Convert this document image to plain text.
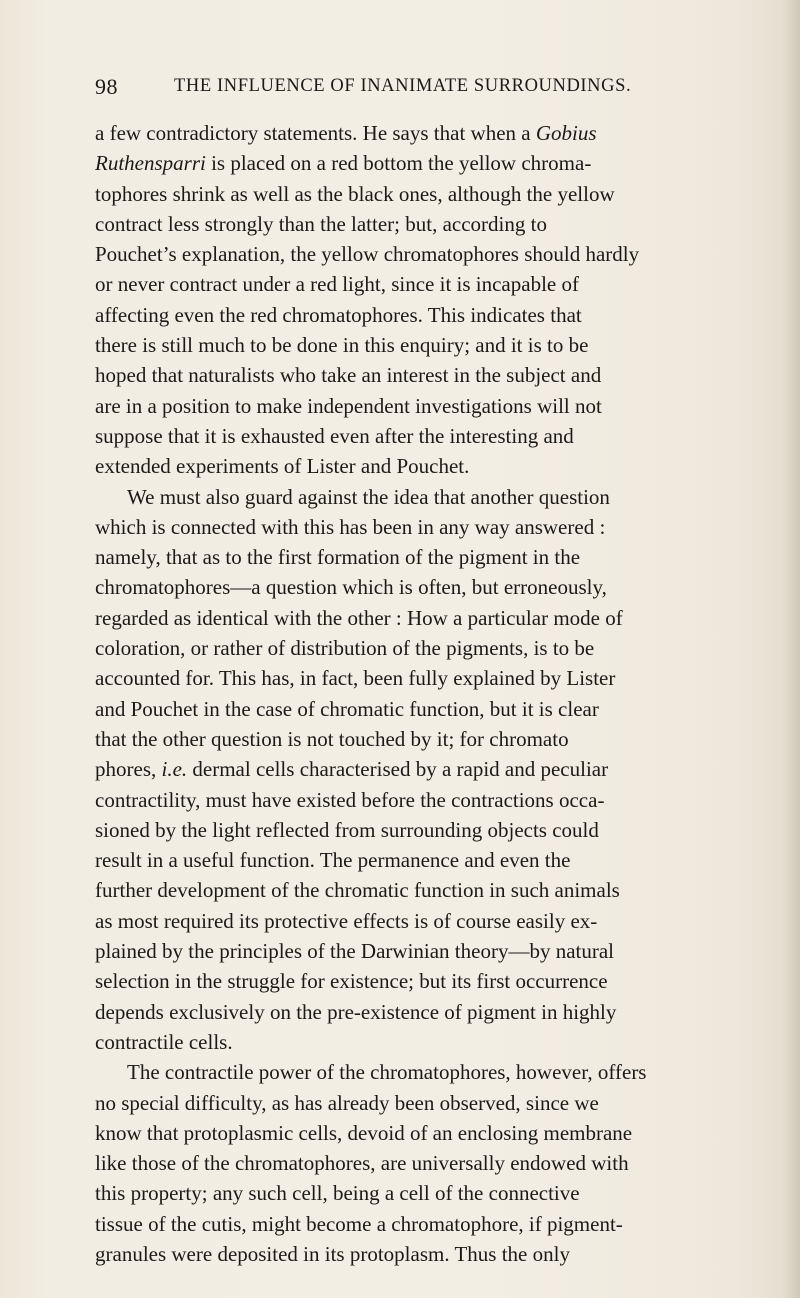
98	THE INFLUENCE OF INANIMATE SURROUNDINGS.
a few contradictory statements. He says that when a Gobius
Ruthensparri is placed on a red bottom the yellow chroma-
tophores shrink as well as the black ones, although the yellow
contract less strongly than the latter; but, according to
Pouchet’s explanation, the yellow chromatophores should hardly
or never contract under a red light, since it is incapable of
affecting even the red chromatophores. This indicates that
there is still much to be done in this enquiry; and it is to be
hoped that naturalists who take an interest in the subject and
are in a position to make independent investigations will not
suppose that it is exhausted even after the interesting and
extended experiments of Lister and Pouchet.
We must also guard against the idea that another question
which is connected with this has been in any way answered :
namely, that as to the first formation of the pigment in the
chromatophores—a question which is often, but erroneously,
regarded as identical with the other : How a particular mode of
coloration, or rather of distribution of the pigments, is to be
accounted for. This has, in fact, been fully explained by Lister
and Pouchet in the case of chromatic function, but it is clear
that the other question is not touched by it; for chromato
phores, i.e. dermal cells characterised by a rapid and peculiar
contractility, must have existed before the contractions occa-
sioned by the light reflected from surrounding objects could
result in a useful function. The permanence and even the
further development of the chromatic function in such animals
as most required its protective effects is of course easily ex-
plained by the principles of the Darwinian theory—by natural
selection in the struggle for existence; but its first occurrence
depends exclusively on the pre-existence of pigment in highly
contractile cells.
The contractile power of the chromatophores, however, offers
no special difficulty, as has already been observed, since we
know that protoplasmic cells, devoid of an enclosing membrane
like those of the chromatophores, are universally endowed with
this property; any such cell, being a cell of the connective
tissue of the cutis, might become a chromatophore, if pigment-
granules were deposited in its protoplasm. Thus the only
